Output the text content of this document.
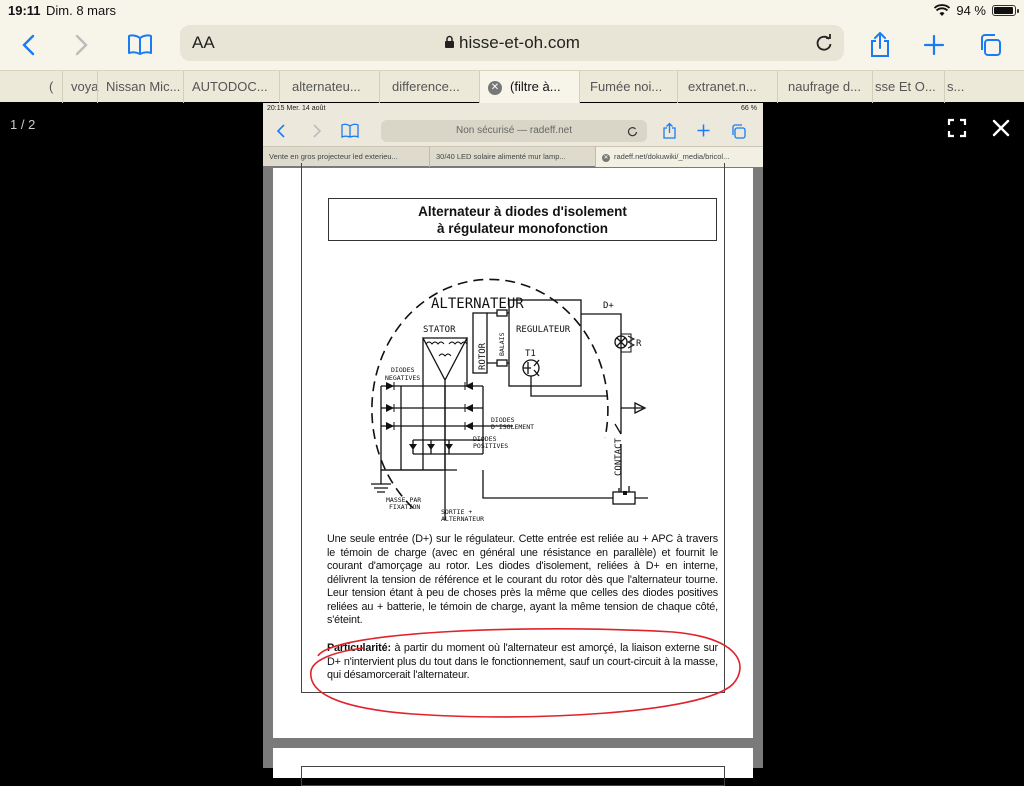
19:11 Dim. 8 mars	94 %
AA	hisse-et-oh.com
(	voya Nissan Mic... AUTODOC...	alternateu...	difference...	✕ (filtre à...	Fumée noi...	extranet.n...	naufrage d...	sse Et O... s...
1 / 2
20:15 Mer. 14 août	66 %
Non sécurisé — radeff.net
Vente en gros projecteur led exterieu...	30/40 LED solaire alimenté mur lamp...	✕ radeff.net/dokuwiki/_media/bricol...
Alternateur à diodes d'isolement
à régulateur monofonction
ALTERNATEUR
STATOR	REGULATEUR
T1
D+
R
ROTOR
CONTACT
BALAIS
DIODES
NEGATIVES
DIODES
D'ISOLEMENT
DIODES
POSITIVES
MASSE PAR
FIXATION
SORTIE +
ALTERNATEUR
Une seule entrée (D+) sur le régulateur. Cette entrée est reliée au + APC à travers le témoin de charge (avec en général une résistance en parallèle) et fournit le courant d'amorçage au rotor. Les diodes d'isolement, reliées à D+ en interne, délivrent la tension de référence et le courant du rotor dès que l'alternateur tourne. Leur tension étant à peu de choses près la même que celles des diodes positives reliées au + batterie, le témoin de charge, ayant la même tension de chaque côté, s'éteint.
Particularité: à partir du moment où l'alternateur est amorçé, la liaison externe sur D+ n'intervient plus du tout dans le fonctionnement, sauf un court-circuit à la masse, qui désamorcerait l'alternateur.
